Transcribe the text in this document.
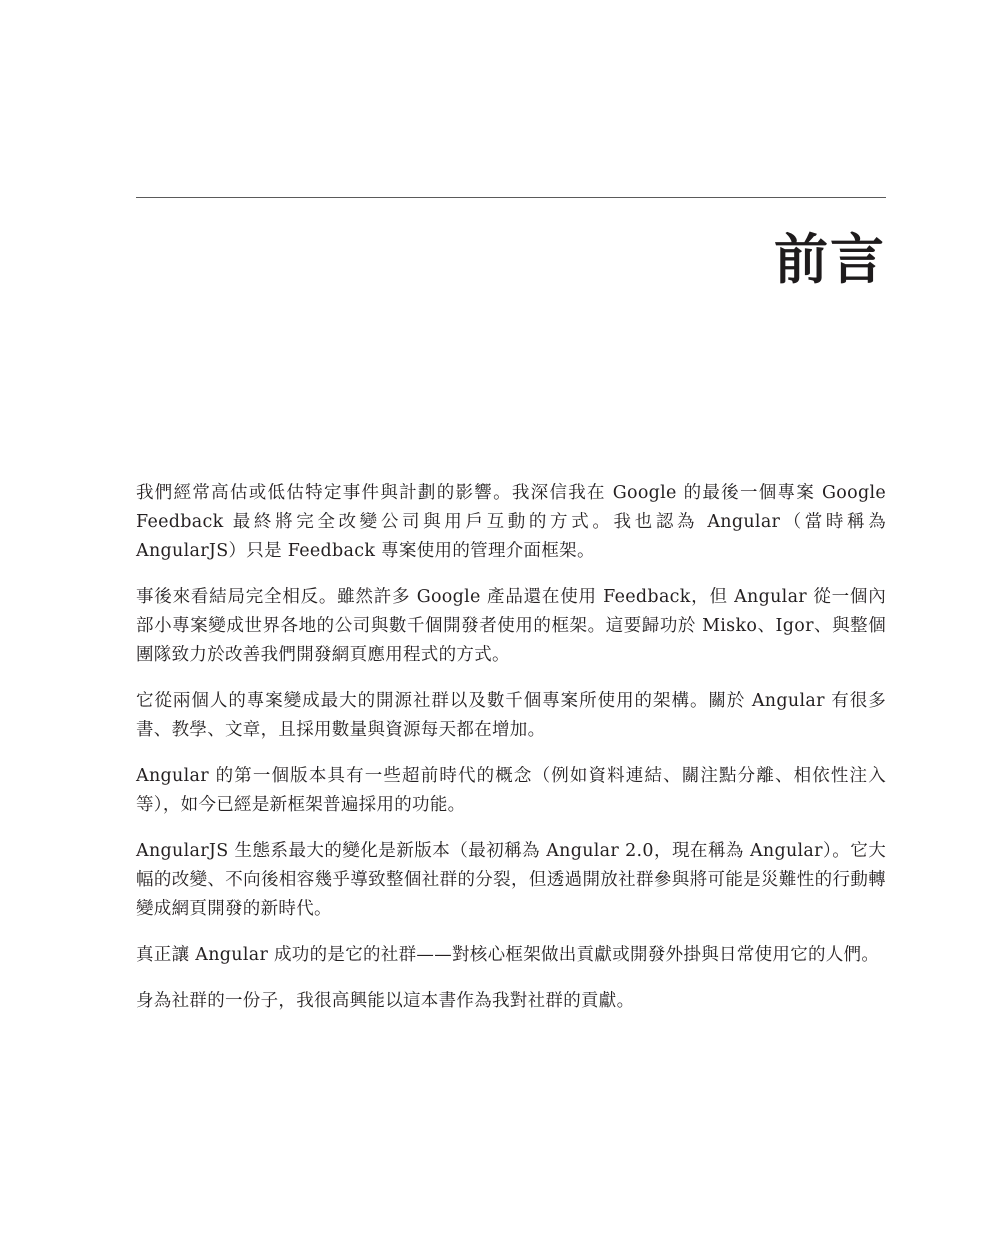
前言

我們經常高估或低估特定事件與計劃的影響。我深信我在 Google 的最後一個專案 Google Feedback 最終將完全改變公司與用戶互動的方式。我也認為 Angular（當時稱為 AngularJS）只是 Feedback 專案使用的管理介面框架。

事後來看結局完全相反。雖然許多 Google 產品還在使用 Feedback，但 Angular 從一個內部小專案變成世界各地的公司與數千個開發者使用的框架。這要歸功於 Misko、Igor、與整個團隊致力於改善我們開發網頁應用程式的方式。

它從兩個人的專案變成最大的開源社群以及數千個專案所使用的架構。關於 Angular 有很多書、教學、文章，且採用數量與資源每天都在增加。

Angular 的第一個版本具有一些超前時代的概念（例如資料連結、關注點分離、相依性注入等），如今已經是新框架普遍採用的功能。

AngularJS 生態系最大的變化是新版本（最初稱為 Angular 2.0，現在稱為 Angular）。它大幅的改變、不向後相容幾乎導致整個社群的分裂，但透過開放社群參與將可能是災難性的行動轉變成網頁開發的新時代。

真正讓 Angular 成功的是它的社群——對核心框架做出貢獻或開發外掛與日常使用它的人們。

身為社群的一份子，我很高興能以這本書作為我對社群的貢獻。
